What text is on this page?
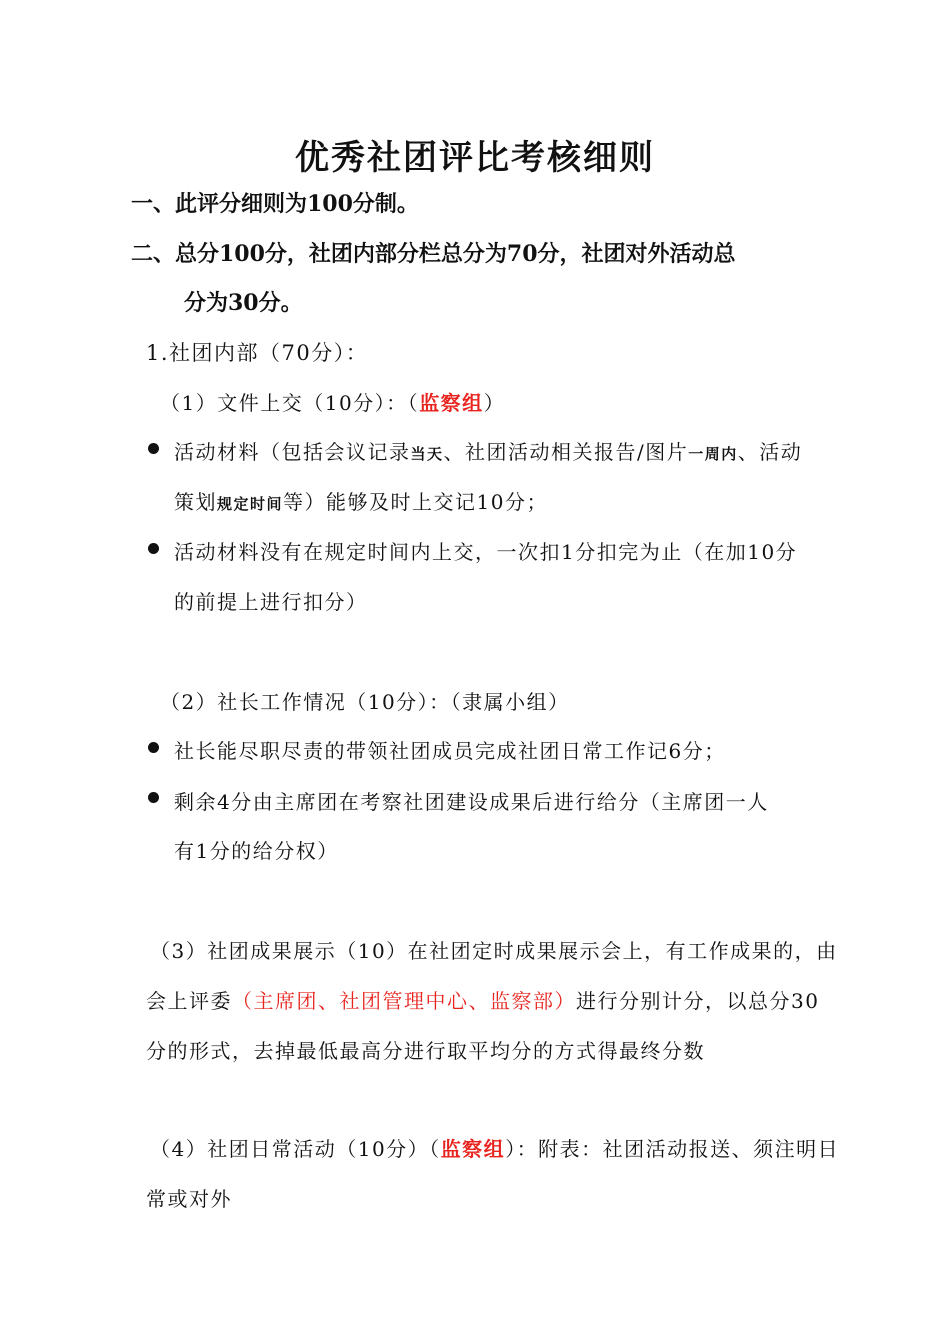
优秀社团评比考核细则
一、此评分细则为100分制。
二、总分100分，社团内部分栏总分为70分，社团对外活动总
分为30分。
1.社团内部（70分）：
（1）文件上交（10分）：（监察组）
活动材料（包括会议记录当天、社团活动相关报告/图片一周内、活动
策划规定时间等）能够及时上交记10分；
活动材料没有在规定时间内上交，一次扣1分扣完为止（在加10分
的前提上进行扣分）
（2）社长工作情况（10分）：（隶属小组）
社长能尽职尽责的带领社团成员完成社团日常工作记6分；
剩余4分由主席团在考察社团建设成果后进行给分（主席团一人
有1分的给分权）
（3）社团成果展示（10）在社团定时成果展示会上，有工作成果的，由
会上评委（主席团、社团管理中心、监察部）进行分别计分，以总分30
分的形式，去掉最低最高分进行取平均分的方式得最终分数
（4）社团日常活动（10分）（监察组）：附表：社团活动报送、须注明日
常或对外
